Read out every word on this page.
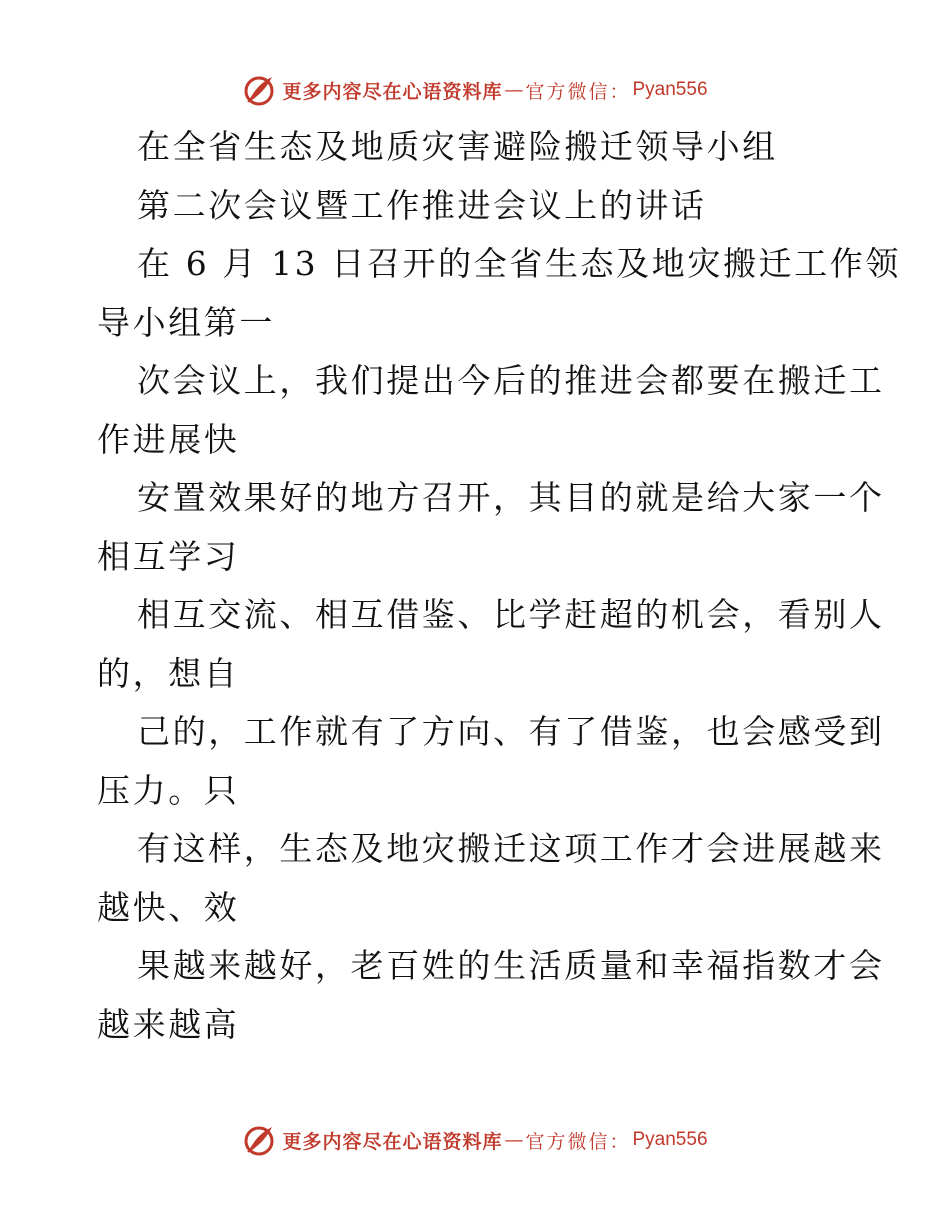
更多内容尽在心语资料库 — 官方微信： Pyan556
在全省生态及地质灾害避险搬迁领导小组
第二次会议暨工作推进会议上的讲话
在 6 月 13 日召开的全省生态及地灾搬迁工作领
导小组第一
次会议上，我们提出今后的推进会都要在搬迁工
作进展快
安置效果好的地方召开，其目的就是给大家一个
相互学习
相互交流、相互借鉴、比学赶超的机会，看别人
的，想自
己的，工作就有了方向、有了借鉴，也会感受到
压力。只
有这样，生态及地灾搬迁这项工作才会进展越来
越快、效
果越来越好，老百姓的生活质量和幸福指数才会
越来越高
更多内容尽在心语资料库 — 官方微信： Pyan556
